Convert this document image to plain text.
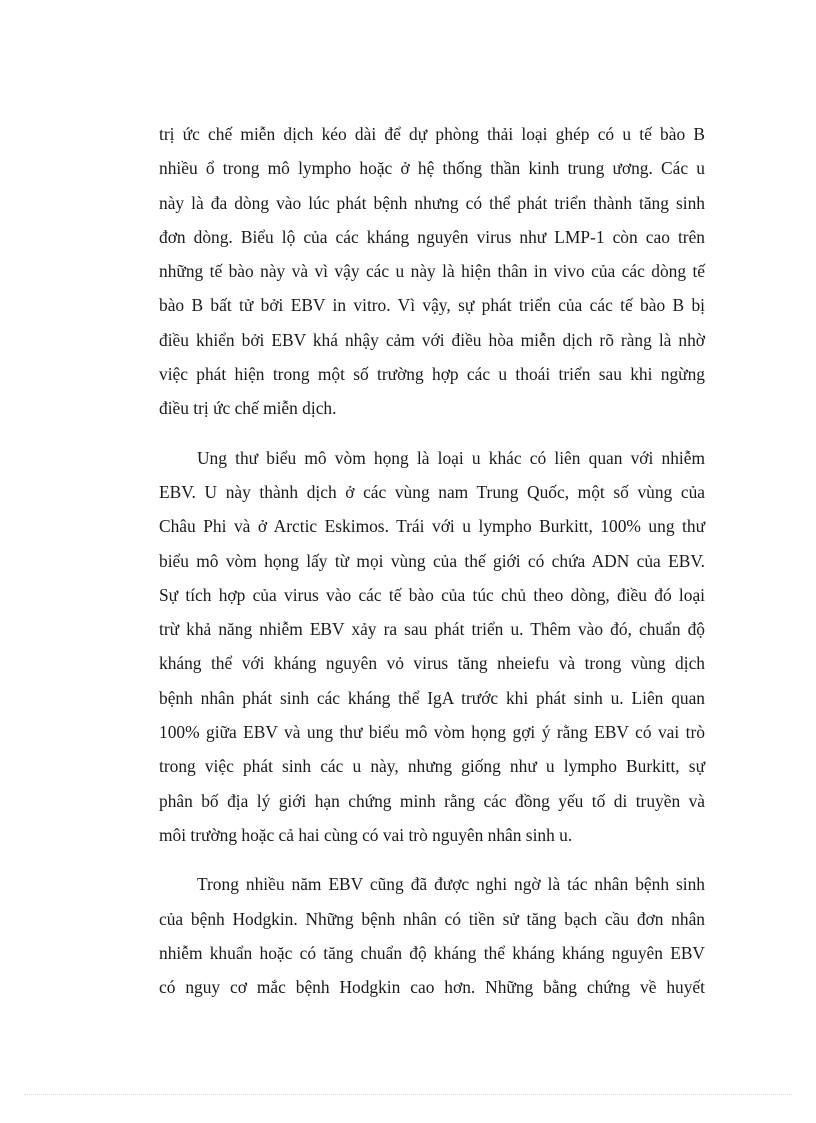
trị ức chế miễn dịch kéo dài để dự phòng thải loại ghép có u tế bào B
nhiều ổ trong mô lympho hoặc ở hệ thống thần kinh trung ương. Các u
này là đa dòng vào lúc phát bệnh nhưng có thể phát triển thành tăng sinh
đơn dòng. Biểu lộ của các kháng nguyên virus như LMP-1 còn cao trên
những tế bào này và vì vậy các u này là hiện thân in vivo của các dòng tế
bào B bất tử bởi EBV in vitro. Vì vậy, sự phát triển của các tế bào B bị
điều khiển bởi EBV khá nhậy cảm với điều hòa miễn dịch rõ ràng là nhờ
việc phát hiện trong một số trường hợp các u thoái triển sau khi ngừng
điều trị ức chế miễn dịch.

Ung thư biểu mô vòm họng là loại u khác có liên quan với nhiễm
EBV. U này thành dịch ở các vùng nam Trung Quốc, một số vùng của
Châu Phi và ở Arctic Eskimos. Trái với u lympho Burkitt, 100% ung thư
biểu mô vòm họng lấy từ mọi vùng của thế giới có chứa ADN của EBV.
Sự tích hợp của virus vào các tế bào của túc chủ theo dòng, điều đó loại
trừ khả năng nhiễm EBV xảy ra sau phát triển u. Thêm vào đó, chuẩn độ
kháng thể với kháng nguyên vỏ virus tăng nheiefu và trong vùng dịch
bệnh nhân phát sinh các kháng thể IgA trước khi phát sinh u. Liên quan
100% giữa EBV và ung thư biểu mô vòm họng gợi ý rằng EBV có vai trò
trong việc phát sinh các u này, nhưng giống như u lympho Burkitt, sự
phân bố địa lý giới hạn chứng minh rằng các đồng yếu tố di truyền và
môi trường hoặc cả hai cùng có vai trò nguyên nhân sinh u.

Trong nhiều năm EBV cũng đã được nghi ngờ là tác nhân bệnh sinh
của bệnh Hodgkin. Những bệnh nhân có tiền sử tăng bạch cầu đơn nhân
nhiễm khuẩn hoặc có tăng chuẩn độ kháng thể kháng kháng nguyên EBV
có nguy cơ mắc bệnh Hodgkin cao hơn. Những bằng chứng về huyết
